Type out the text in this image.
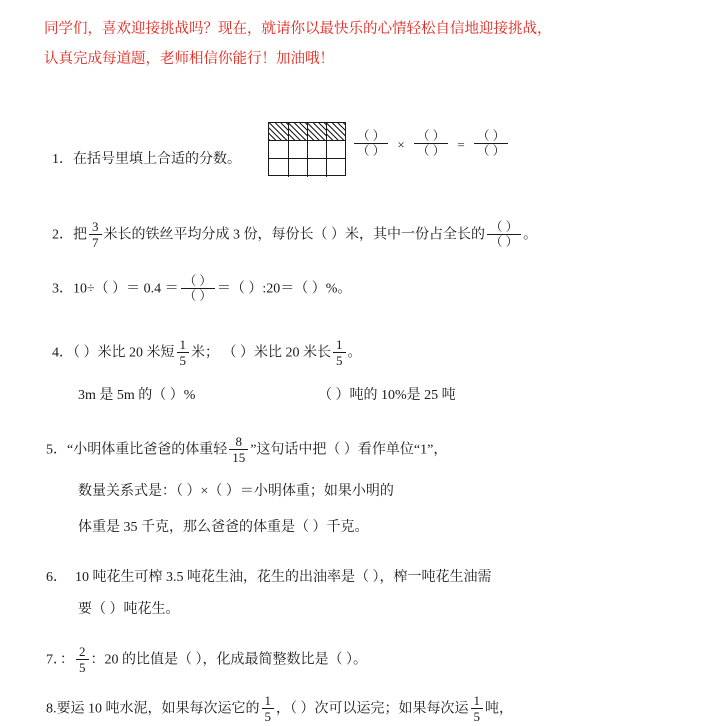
同学们，喜欢迎接挑战吗？现在，就请你以最快乐的心情轻松自信地迎接挑战，
认真完成每道题，老师相信你能行！加油哦！
1．在括号里填上合适的分数。
$\frac{( )}{( )} \times \frac{( )}{( )} = \frac{( )}{( )}$
2．把 $\frac{3}{7}$ 米长的铁丝平均分成 3 份，每份长（ ）米，其中一份占全长的 $\frac{( )}{( )}$ 。
3．10÷（ ）＝ $0.4 = \frac{( )}{( )}$ ＝（ ）:20＝（ ）%。
4．（ ）米比 20 米短 $\frac{1}{5}$ 米； （ ）米比 20 米长 $\frac{1}{5}$ 。
3m 是 5m 的（ ）%	（ ）吨的 10%是 25 吨
5．“小明体重比爸爸的体重轻 $\frac{8}{15}$ ”这句话中把（ ）看作单位“1”，
数量关系式是：（ ）×（ ）＝小明体重；如果小明的
体重是 35 千克，那么爸爸的体重是（ ）千克。
6． 10 吨花生可榨 3.5 吨花生油，花生的出油率是（ ），榨一吨花生油需
要（ ）吨花生。
7．： $\frac{2}{5}$ ：20 的比值是（ ），化成最简整数比是（ ）。
8.要运 10 吨水泥，如果每次运它的 $\frac{1}{5}$ ，（ ）次可以运完；如果每次运 $\frac{1}{5}$ 吨，
